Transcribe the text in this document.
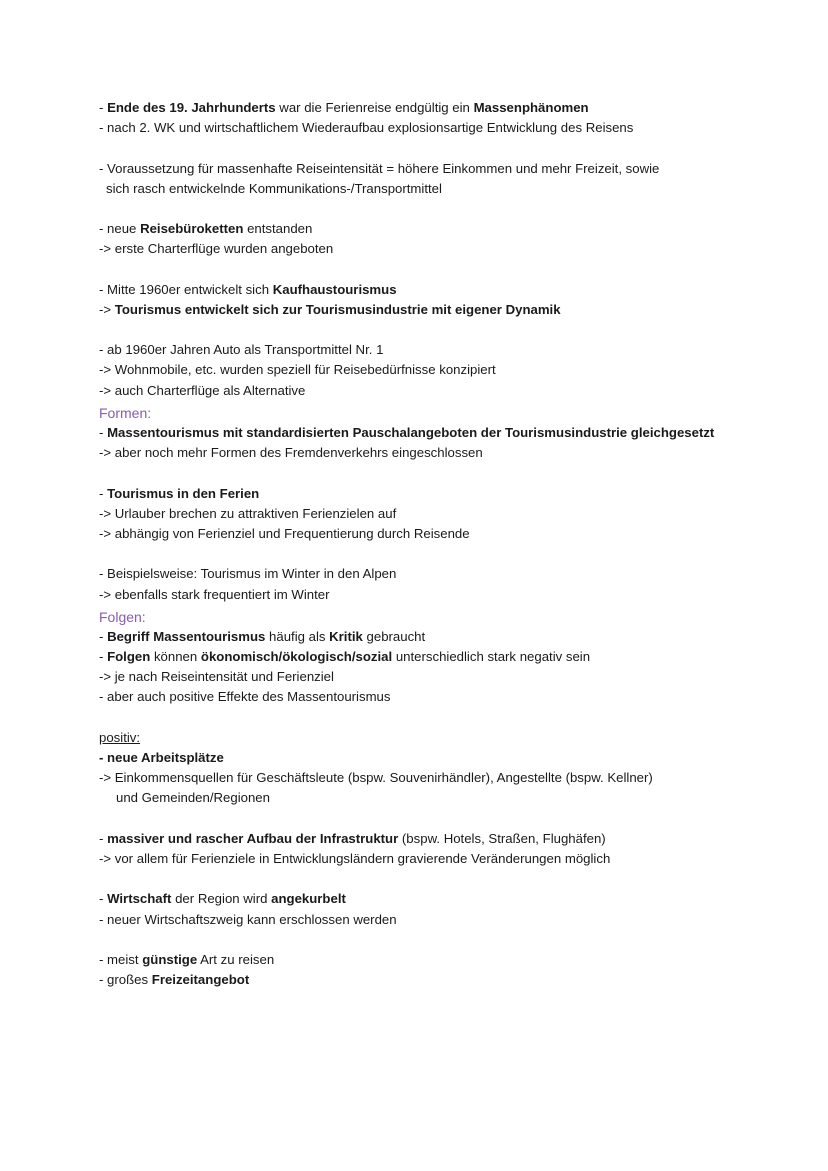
- Ende des 19. Jahrhunderts war die Ferienreise endgültig ein Massenphänomen
- nach 2. WK und wirtschaftlichem Wiederaufbau explosionsartige Entwicklung des Reisens
- Voraussetzung für massenhafte Reiseintensität = höhere Einkommen und mehr Freizeit, sowie
sich rasch entwickelnde Kommunikations-/Transportmittel
- neue Reisebüroketten entstanden
-> erste Charterflüge wurden angeboten
- Mitte 1960er entwickelt sich Kaufhaustourismus
-> Tourismus entwickelt sich zur Tourismusindustrie mit eigener Dynamik
- ab 1960er Jahren Auto als Transportmittel Nr. 1
-> Wohnmobile, etc. wurden speziell für Reisebedürfnisse konzipiert
-> auch Charterflüge als Alternative
Formen:
- Massentourismus mit standardisierten Pauschalangeboten der Tourismusindustrie gleichgesetzt
-> aber noch mehr Formen des Fremdenverkehrs eingeschlossen
- Tourismus in den Ferien
-> Urlauber brechen zu attraktiven Ferienzielen auf
-> abhängig von Ferienziel und Frequentierung durch Reisende
- Beispielsweise: Tourismus im Winter in den Alpen
-> ebenfalls stark frequentiert im Winter
Folgen:
- Begriff Massentourismus häufig als Kritik gebraucht
- Folgen können ökonomisch/ökologisch/sozial unterschiedlich stark negativ sein
-> je nach Reiseintensität und Ferienziel
- aber auch positive Effekte des Massentourismus
positiv:
- neue Arbeitsplätze
-> Einkommensquellen für Geschäftsleute (bspw. Souvenirhändler), Angestellte (bspw. Kellner)
und Gemeinden/Regionen
- massiver und rascher Aufbau der Infrastruktur (bspw. Hotels, Straßen, Flughäfen)
-> vor allem für Ferienziele in Entwicklungsländern gravierende Veränderungen möglich
- Wirtschaft der Region wird angekurbelt
- neuer Wirtschaftszweig kann erschlossen werden
- meist günstige Art zu reisen
- großes Freizeitangebot
